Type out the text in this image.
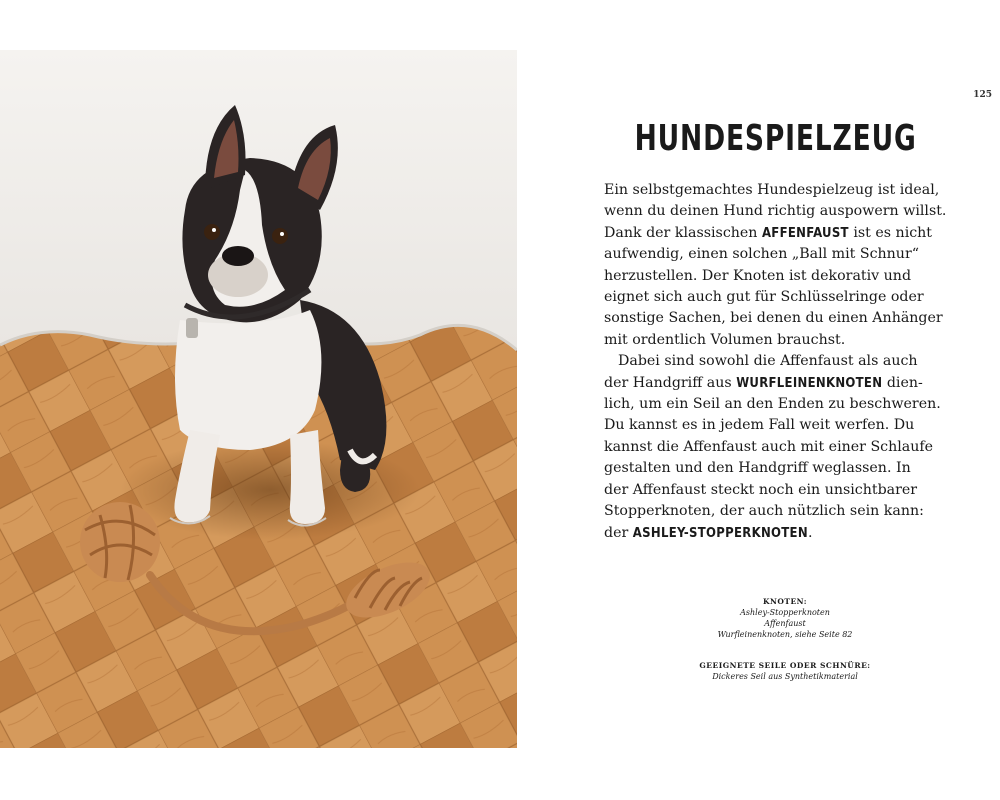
125
HUNDESPIELZEUG

Ein selbstgemachtes Hundespielzeug ist ideal,

wenn du deinen Hund richtig auspowern willst.

Dank der klassischen AFFENFAUST ist es nicht

aufwendig, einen solchen „Ball mit Schnur“

herzustellen. Der Knoten ist dekorativ und

eignet sich auch gut für Schlüsselringe oder

sonstige Sachen, bei denen du einen Anhänger

mit ordentlich Volumen brauchst.

Dabei sind sowohl die Affenfaust als auch

der Handgriff aus WURFLEINENKNOTEN dien-

lich, um ein Seil an den Enden zu beschweren.

Du kannst es in jedem Fall weit werfen. Du

kannst die Affenfaust auch mit einer Schlaufe

gestalten und den Handgriff weglassen. In

der Affenfaust steckt noch ein unsichtbarer

Stopperknoten, der auch nützlich sein kann:

der ASHLEY-STOPPERKNOTEN.

KNOTEN:
Ashley-Stopperknoten
Affenfaust
Wurfleinenknoten, siehe Seite 82
GEEIGNETE SEILE ODER SCHNÜRE:
Dickeres Seil aus Synthetikmaterial
